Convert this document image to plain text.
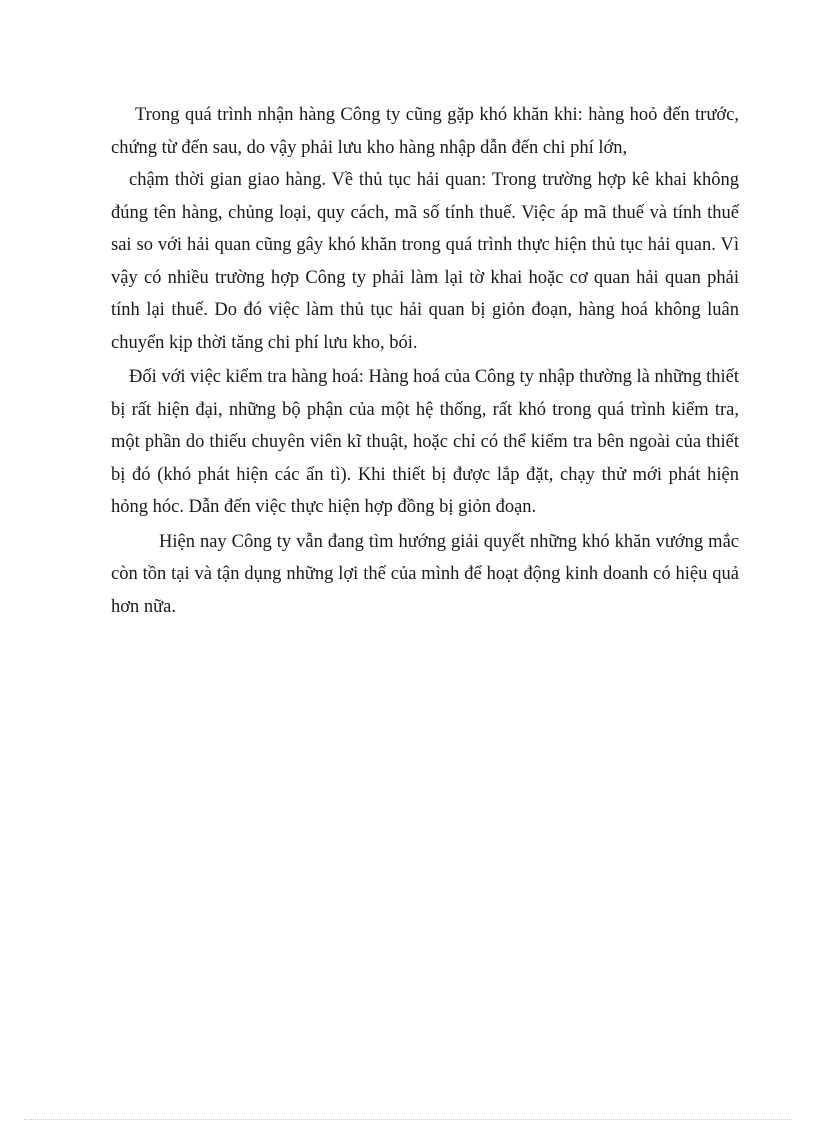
Trong quá trình nhận hàng Công ty cũng gặp khó khăn khi: hàng hoỏ đến trước, chứng từ đến sau, do vậy phải lưu kho hàng nhập dẫn đến chi phí lớn,

chậm thời gian giao hàng. Về thủ tục hải quan: Trong trường hợp kê khai không đúng tên hàng, chủng loại, quy cách, mã số tính thuế. Việc áp mã thuế và tính thuế sai so với hải quan cũng gây khó khăn trong quá trình thực hiện thủ tục hải quan. Vì vậy có nhiều trường hợp Công ty phải làm lại tờ khai hoặc cơ quan hải quan phải tính lại thuế. Do đó việc làm thủ tục hải quan bị giỏn đoạn, hàng hoá không luân chuyển kịp thời tăng chi phí lưu kho, bói.

Đối với việc kiểm tra hàng hoá: Hàng hoá của Công ty nhập thường là những thiết bị rất hiện đại, những bộ phận của một hệ thống, rất khó trong quá trình kiểm tra, một phần do thiếu chuyên viên kĩ thuật, hoặc chỉ có thể kiểm tra bên ngoài của thiết bị đó (khó phát hiện các ẩn tì). Khi thiết bị được lắp đặt, chạy thử mới phát hiện hỏng hóc. Dẫn đến việc thực hiện hợp đồng bị giỏn đoạn.

Hiện nay Công ty vẫn đang tìm hướng giải quyết những khó khăn vướng mắc còn tồn tại và tận dụng những lợi thế của mình để hoạt động kinh doanh có hiệu quả hơn nữa.
